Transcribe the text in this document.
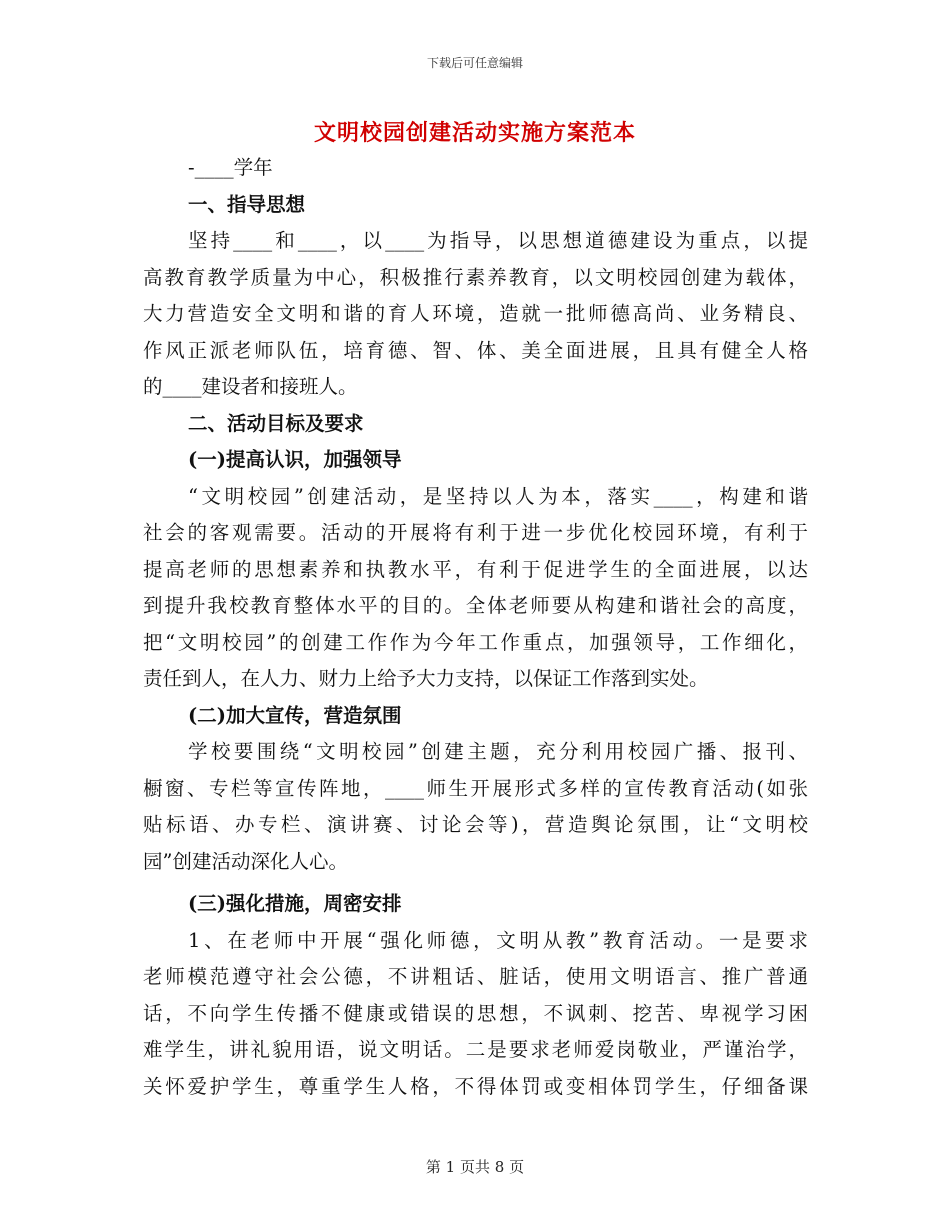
下载后可任意编辑
文明校园创建活动实施方案范本
-____学年
一、指导思想
坚持____和____，以____为指导，以思想道德建设为重点，以提
高教育教学质量为中心，积极推行素养教育，以文明校园创建为载体，
大力营造安全文明和谐的育人环境，造就一批师德高尚、业务精良、
作风正派老师队伍，培育德、智、体、美全面进展，且具有健全人格
的____建设者和接班人。
二、活动目标及要求
(一)提高认识，加强领导
“文明校园”创建活动，是坚持以人为本，落实____，构建和谐
社会的客观需要。活动的开展将有利于进一步优化校园环境，有利于
提高老师的思想素养和执教水平，有利于促进学生的全面进展，以达
到提升我校教育整体水平的目的。全体老师要从构建和谐社会的高度，
把“文明校园”的创建工作作为今年工作重点，加强领导，工作细化，
责任到人，在人力、财力上给予大力支持，以保证工作落到实处。
(二)加大宣传，营造氛围
学校要围绕“文明校园”创建主题，充分利用校园广播、报刊、
橱窗、专栏等宣传阵地，____师生开展形式多样的宣传教育活动(如张
贴标语、办专栏、演讲赛、讨论会等)，营造舆论氛围，让“文明校
园”创建活动深化人心。
(三)强化措施，周密安排
1、在老师中开展“强化师德，文明从教”教育活动。一是要求
老师模范遵守社会公德，不讲粗话、脏话，使用文明语言、推广普通
话，不向学生传播不健康或错误的思想，不讽刺、挖苦、卑视学习困
难学生，讲礼貌用语，说文明话。二是要求老师爱岗敬业，严谨治学，
关怀爱护学生，尊重学生人格，不得体罚或变相体罚学生，仔细备课
第 1 页共 8 页
